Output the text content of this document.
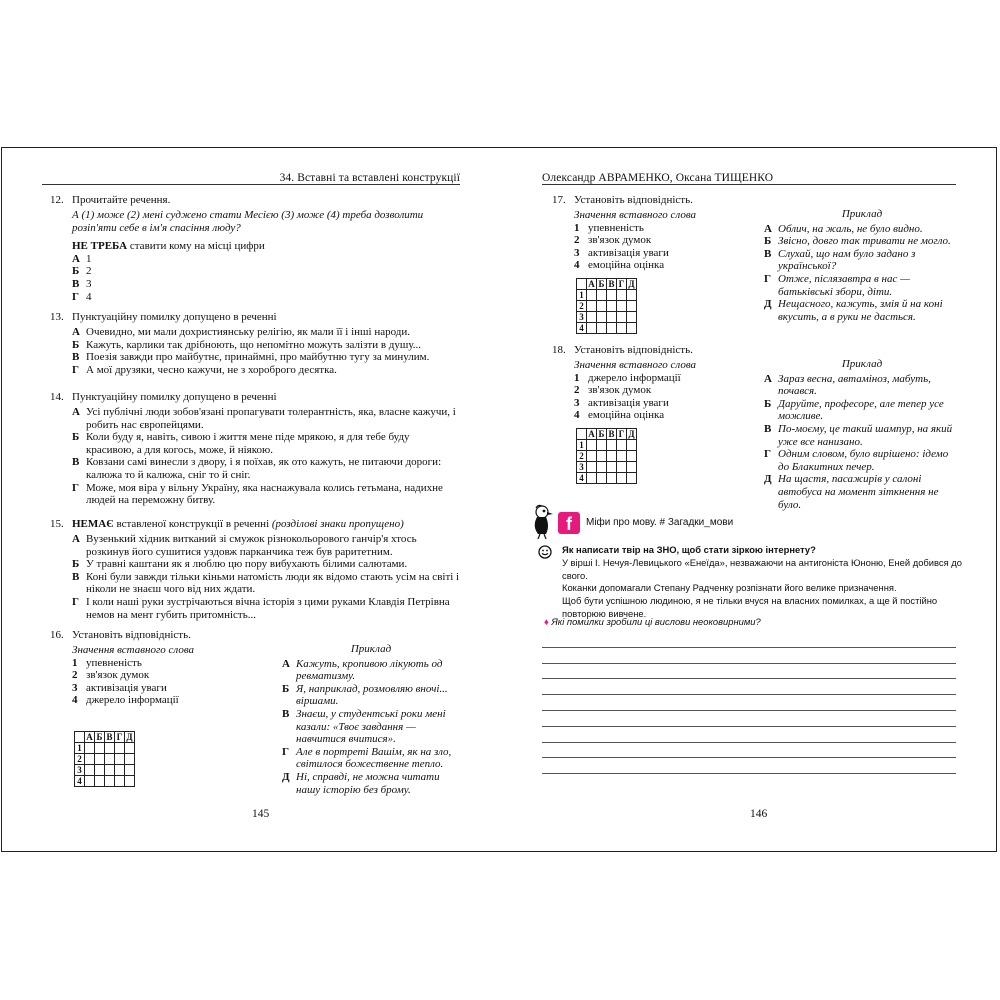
34. Вставні та вставлені конструкції
12. Прочитайте речення.
А (1) може (2) мені суджено стати Месією (3) може (4) треба дозволити розіп'яти себе в ім'я спасіння люду?
НЕ ТРЕБА ставити кому на місці цифри
А 1
Б 2
В 3
Г 4
13. Пунктуаційну помилку допущено в реченні
А Очевидно, ми мали дохристиянську релігію, як мали її і інші народи.
Б Кажуть, карлики так дрібноють, що непомітно можуть залізти в душу...
В Поезія завжди про майбутнє, принаймні, про майбутню тугу за минулим.
Г А мої друзяки, чесно кажучи, не з хороброго десятка.
14. Пунктуаційну помилку допущено в реченні
А Усі публічні люди зобов'язані пропагувати толерантність, яка, власне кажучи, і робить нас європейцями.
Б Коли буду я, навіть, сивою і життя мене піде мрякою, я для тебе буду красивою, а для когось, може, й ніякою.
В Ковзани самі винесли з двору, і я поїхав, як ото кажуть, не питаючи дороги: калюжа то й калюжа, сніг то й сніг.
Г Може, моя віра у вільну Україну, яка наснажувала колись гетьмана, надихне людей на переможну битву.
15. НЕМАЄ вставленої конструкції в реченні (розділові знаки пропущено)
А Вузенький хідник витканий зі смужок різнокольорового ганчір'я хтось розкинув його сушитися уздовж парканчика теж був раритетним.
Б У травні каштани як я люблю цю пору вибухають білими салютами.
В Коні були завжди тільки кіньми натомість люди як відомо стають усім на світі і ніколи не знаєш чого від них ждати.
Г І коли наші руки зустрічаються вічна історія з цими руками Клавдія Петрівна немов на мент губить притомність...
16. Установіть відповідність.
Значення вставного слова
1 упевненість
2 зв'язок думок
3 активізація уваги
4 джерело інформації
	А	Б	В	Г	Д
1					
2					
3					
4					
Приклад
А Кажуть, кропивою лікують од ревматизму.
Б Я, наприклад, розмовляю вночі... віршами.
В Знаєш, у студентські роки мені казали: «Твоє завдання — навчитися вчитися».
Г Але в портреті Вашім, як на зло, світилося божественне тепло.
Д Ні, справді, не можна читати нашу історію без брому.
145
Олександр АВРАМЕНКО, Оксана ТИЩЕНКО
17. Установіть відповідність.
Значення вставного слова
1 упевненість
2 зв'язок думок
3 активізація уваги
4 емоційна оцінка
	А	Б	В	Г	Д
1					
2					
3					
4					
Приклад
А Облич, на жаль, не було видно.
Б Звісно, довго так тривати не могло.
В Слухай, що нам було задано з української?
Г Отже, післязавтра в нас — батьківські збори, діти.
Д Нещасного, кажуть, змія й на коні вкусить, а в руки не дасться.
18. Установіть відповідність.
Значення вставного слова
1 джерело інформації
2 зв'язок думок
3 активізація уваги
4 емоційна оцінка
	А	Б	В	Г	Д
1					
2					
3					
4					
Приклад
А Зараз весна, автаміноз, мабуть, почався.
Б Даруйте, професоре, але тепер усе можливе.
В По-моєму, це такий шампур, на який уже все нанизано.
Г Одним словом, було вирішено: ідемо до Блакитних печер.
Д На щастя, пасажирів у салоні автобуса на момент зіткнення не було.
f	Міфи про мову. # Загадки_мови
Як написати твір на ЗНО, щоб стати зіркою інтернету?
У вірші І. Нечуя-Левицького «Енеїда», незважаючи на антигоніста Юноню, Еней добився до свого.
Коканки допомагали Степану Радченку розпізнати його велике призначення.
Щоб бути успішною людиною, я не тільки вчуся на власних помилках, а ще й постійно повторюю вивчене.
♦ Які помилки зробили ці вислови неоковирними?
146
